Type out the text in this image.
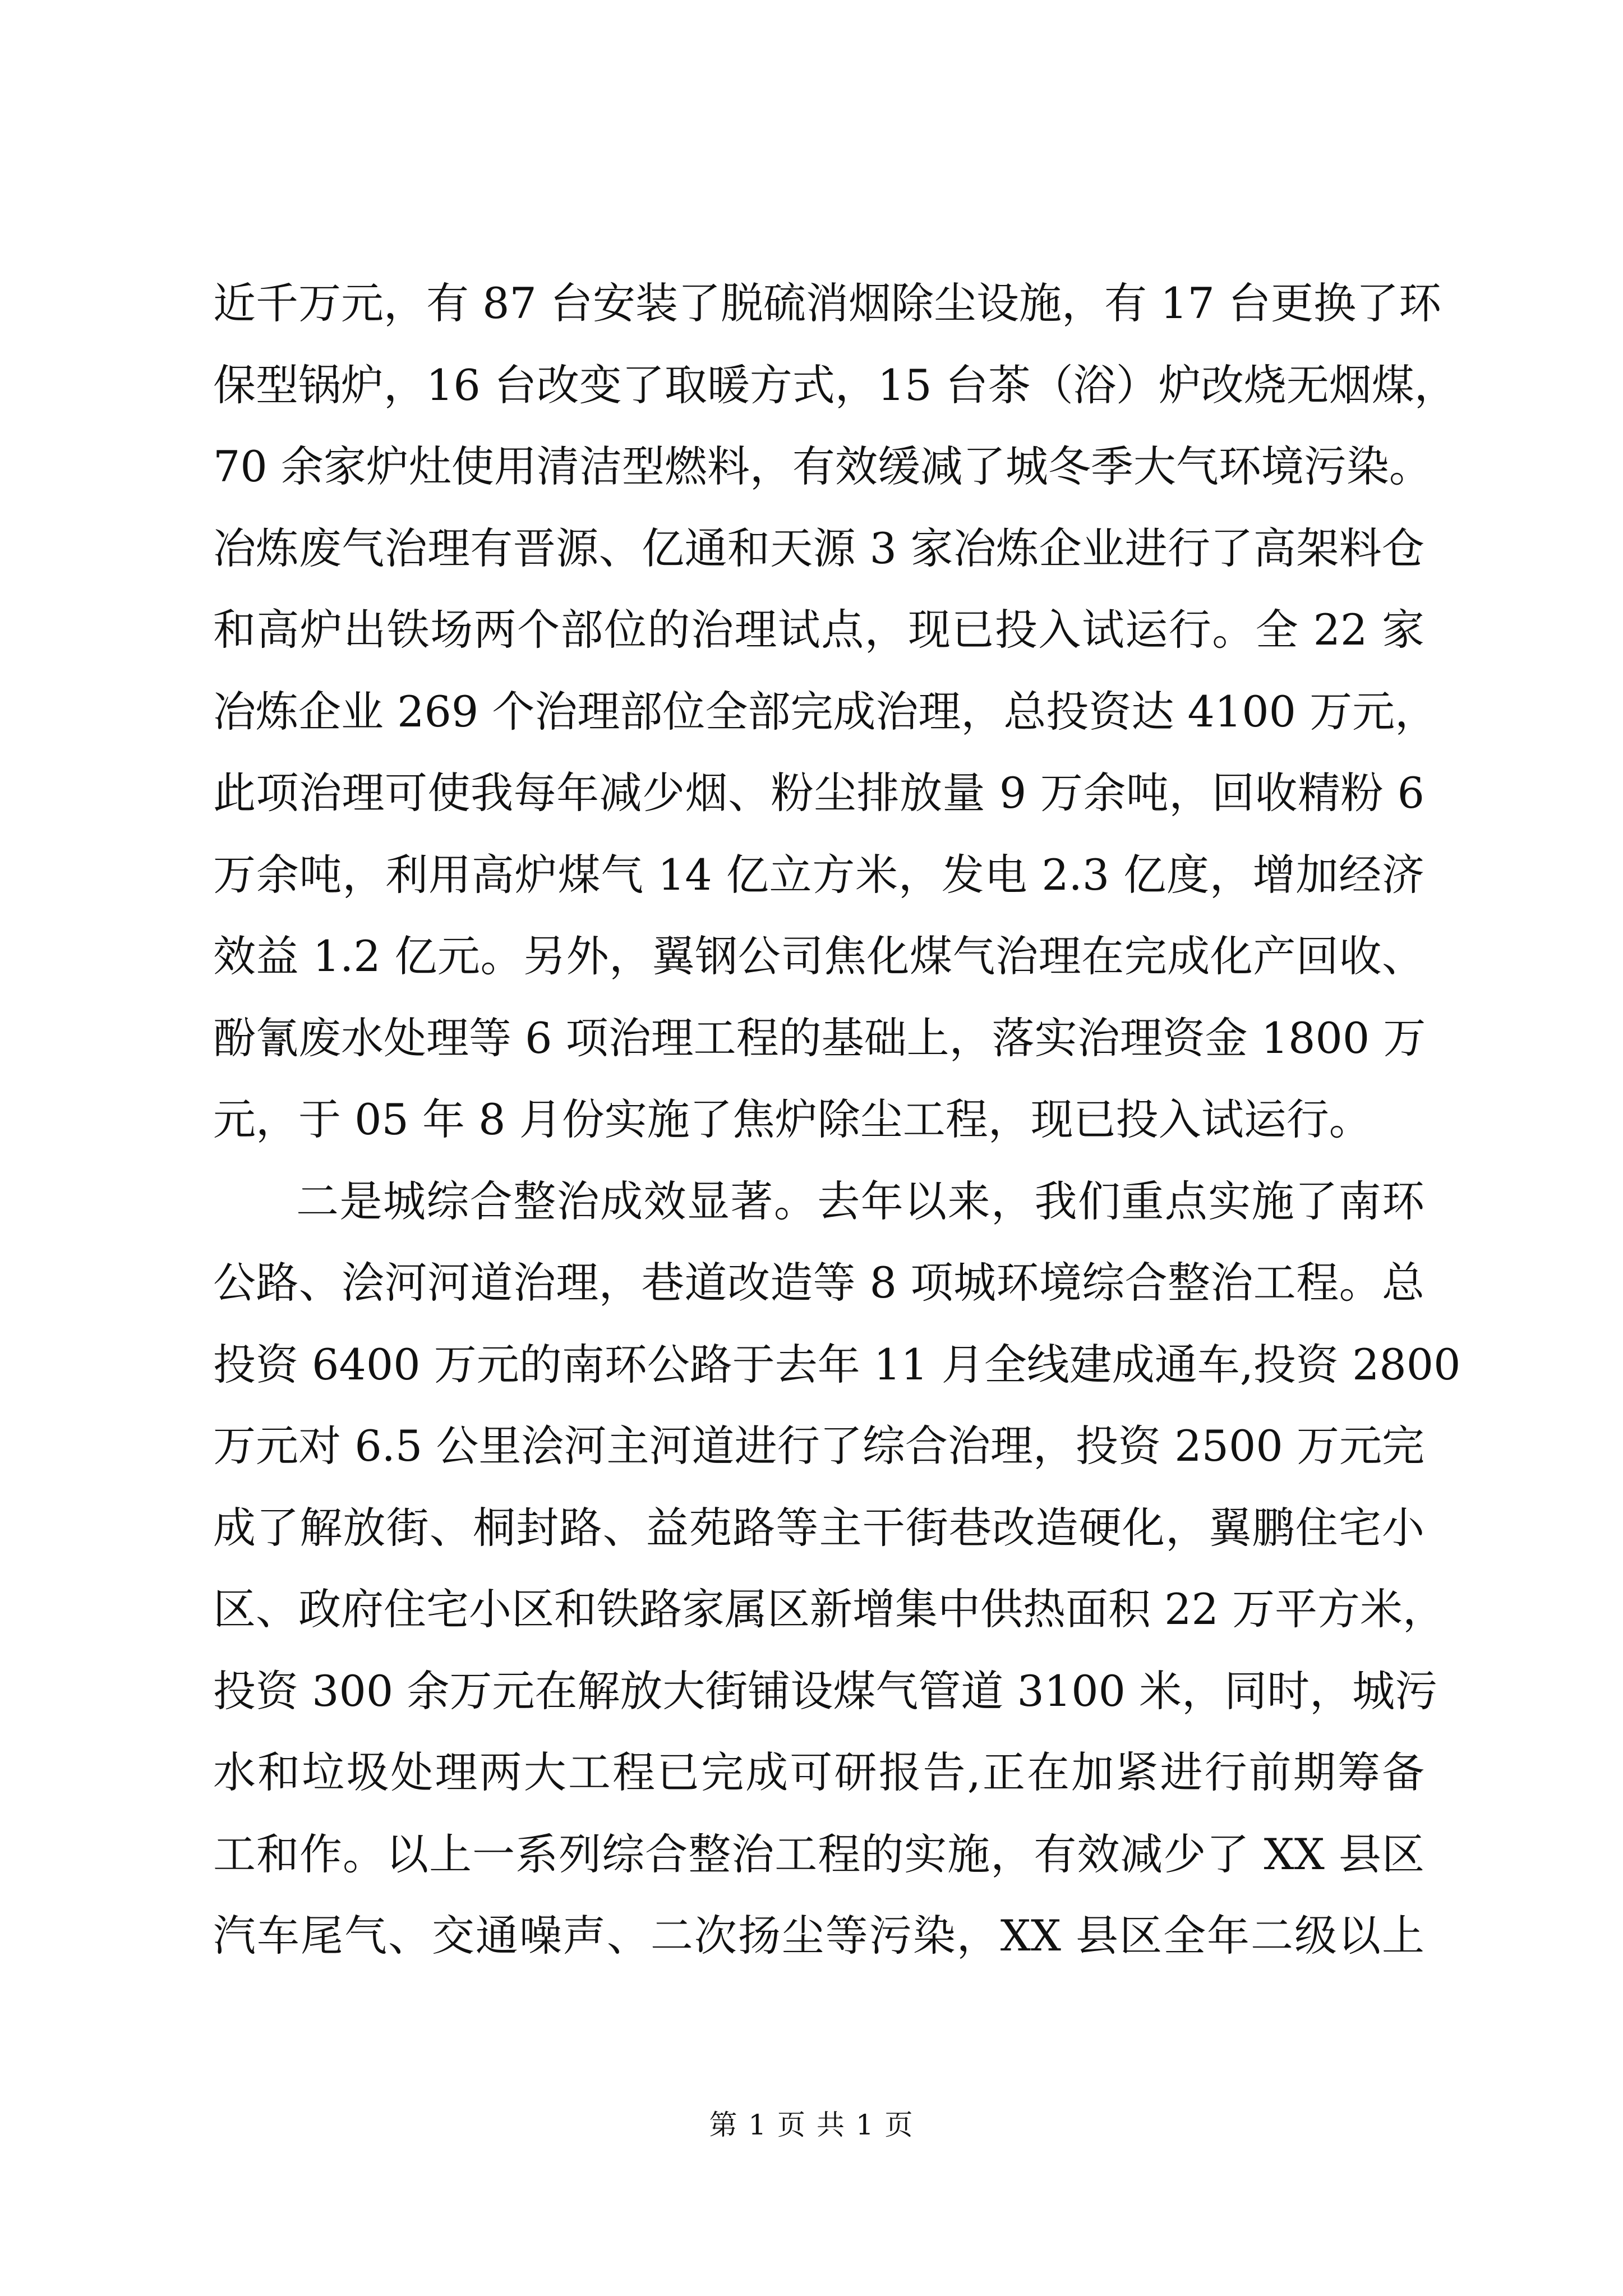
近千万元，有 87 台安装了脱硫消烟除尘设施，有 17 台更换了环
保型锅炉，16 台改变了取暖方式，15 台茶（浴）炉改烧无烟煤，
70 余家炉灶使用清洁型燃料，有效缓减了城冬季大气环境污染。
冶炼废气治理有晋源、亿通和天源 3 家冶炼企业进行了高架料仓
和高炉出铁场两个部位的治理试点，现已投入试运行。全 22 家
冶炼企业 269 个治理部位全部完成治理，总投资达 4100 万元，
此项治理可使我每年减少烟、粉尘排放量 9 万余吨，回收精粉 6
万余吨，利用高炉煤气 14 亿立方米，发电 2.3 亿度，增加经济
效益 1.2 亿元。另外，翼钢公司焦化煤气治理在完成化产回收、
酚氰废水处理等 6 项治理工程的基础上，落实治理资金 1800 万
元，于 05 年 8 月份实施了焦炉除尘工程，现已投入试运行。
二是城综合整治成效显著。去年以来，我们重点实施了南环
公路、浍河河道治理，巷道改造等 8 项城环境综合整治工程。总
投资 6400 万元的南环公路于去年 11 月全线建成通车,投资 2800
万元对 6.5 公里浍河主河道进行了综合治理，投资 2500 万元完
成了解放街、桐封路、益苑路等主干街巷改造硬化，翼鹏住宅小
区、政府住宅小区和铁路家属区新增集中供热面积 22 万平方米，
投资 300 余万元在解放大街铺设煤气管道 3100 米，同时，城污
水和垃圾处理两大工程已完成可研报告,正在加紧进行前期筹备
工和作。以上一系列综合整治工程的实施，有效减少了 XX 县区
汽车尾气、交通噪声、二次扬尘等污染，XX 县区全年二级以上
第 1 页 共 1 页
